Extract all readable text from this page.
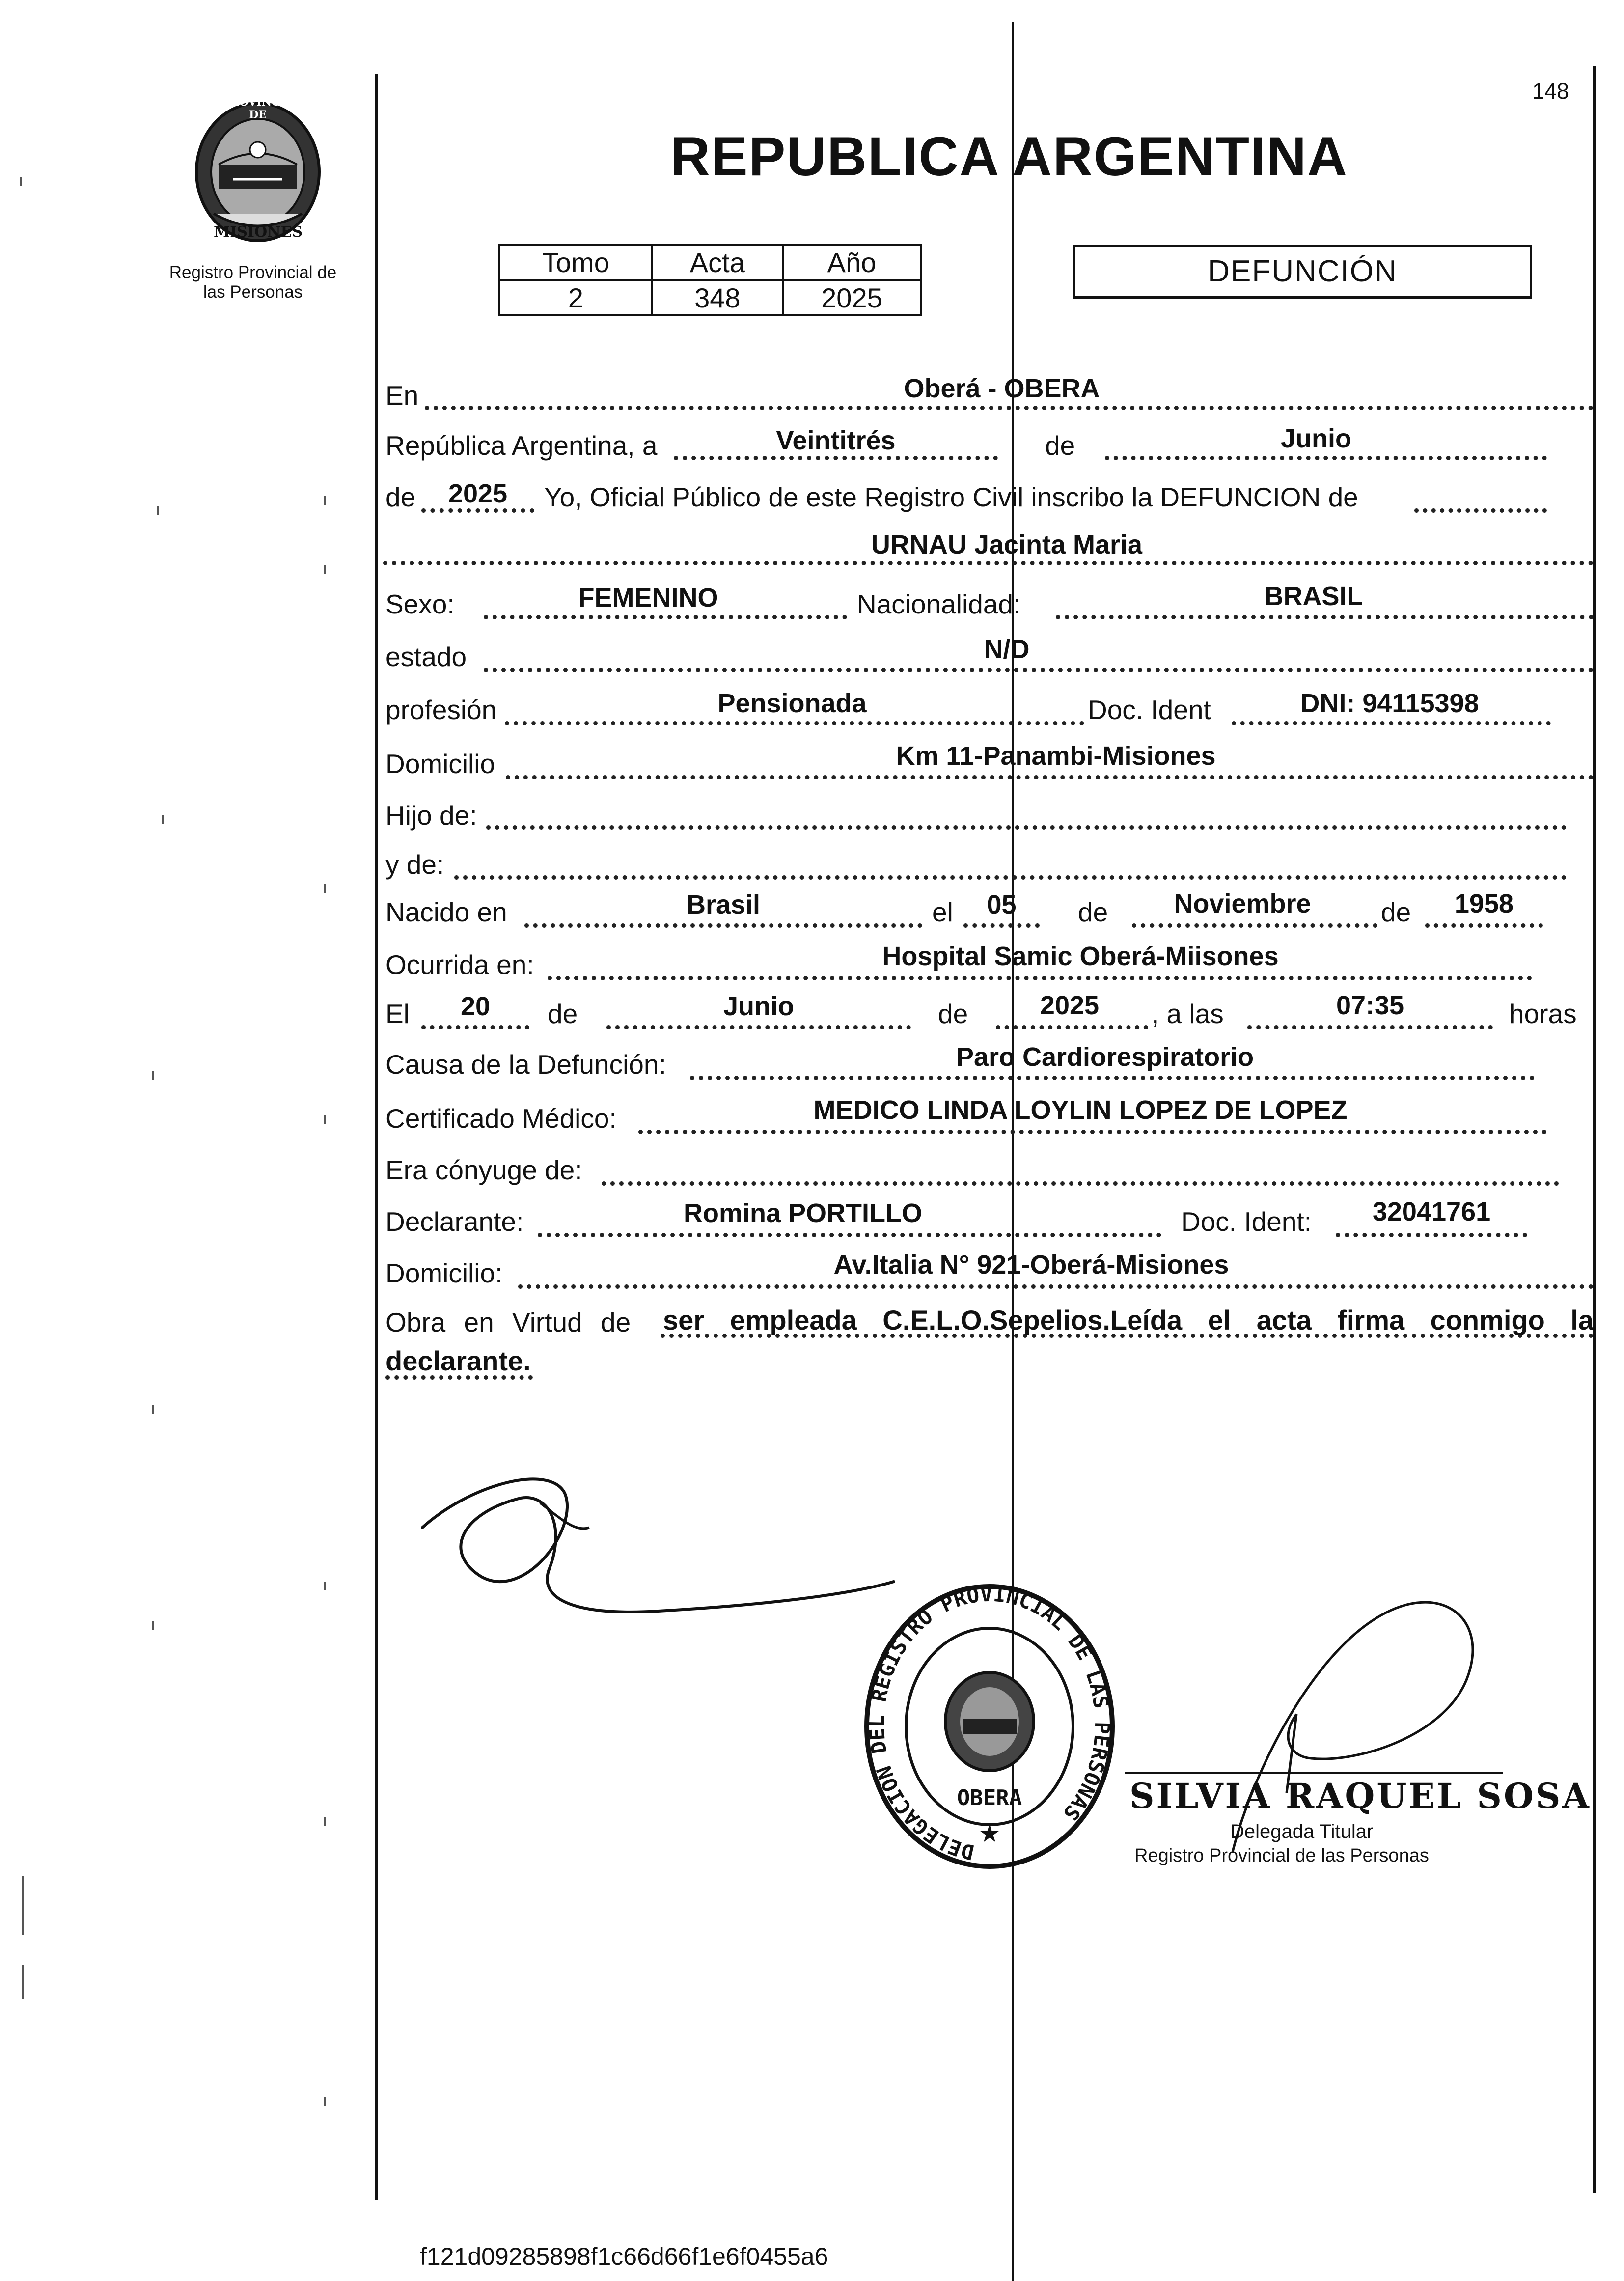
PROVINCIA DE
MISIONES
Registro Provincial de
las Personas
REPUBLICA ARGENTINA
148
Tomo	Acta	Año
2	348	2025
DEFUNCIÓN
En	Oberá - OBERA
República Argentina, a	Veintitrés	de	Junio
de	2025	Yo, Oficial Público de este Registro Civil inscribo la DEFUNCION de
URNAU Jacinta Maria
Sexo:	FEMENINO	Nacionalidad:	BRASIL
estado	N/D
profesión	Pensionada	Doc. Ident	DNI: 94115398
Domicilio	Km 11-Panambi-Misiones
Hijo de:
y de:
Nacido en	Brasil	el	05	de	Noviembre	de	1958
Ocurrida en:	Hospital Samic Oberá-Miisones
El	20	de	Junio	de	2025	, a las	07:35	horas
Causa de la Defunción:	Paro Cardiorespiratorio
Certificado Médico:	MEDICO LINDA LOYLIN LOPEZ DE LOPEZ
Era cónyuge de:
Declarante:	Romina PORTILLO	Doc. Ident:	32041761
Domicilio:	Av.Italia N° 921-Oberá-Misiones
Obra en Virtud de ser empleada C.E.L.O.Sepelios.Leída el acta firma conmigo la
declarante.
DELEGACION DEL REGISTRO PROVINCIAL DE LAS PERSONAS
OBERA
★
SILVIA RAQUEL SOSA
Delegada Titular
Registro Provincial de las Personas
f121d09285898f1c66d66f1e6f0455a6
